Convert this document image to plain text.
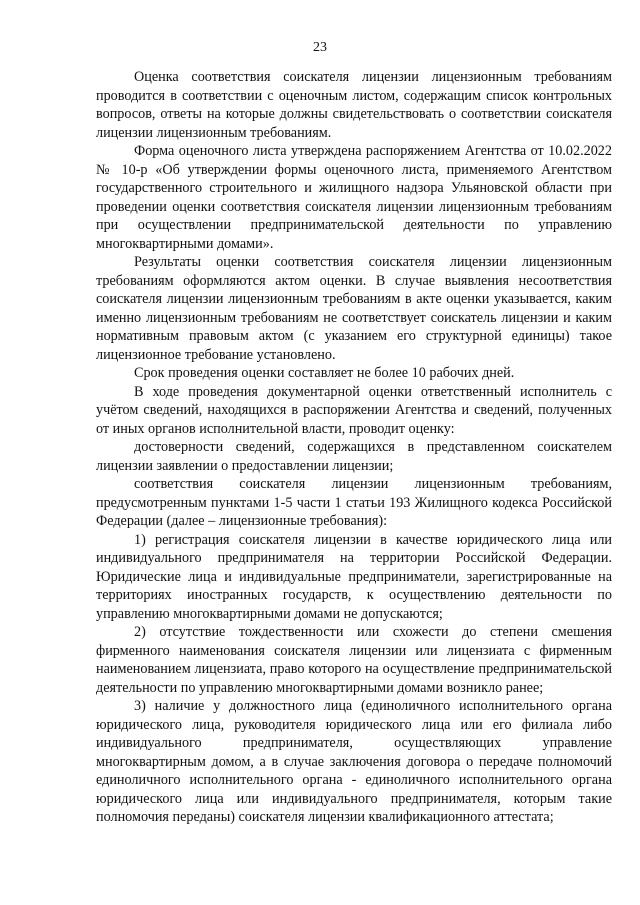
23

Оценка соответствия соискателя лицензии лицензионным требованиям проводится в соответствии с оценочным листом, содержащим список контрольных вопросов, ответы на которые должны свидетельствовать о соответствии соискателя лицензии лицензионным требованиям.

Форма оценочного листа утверждена распоряжением Агентства от 10.02.2022 № 10-р «Об утверждении формы оценочного листа, применяемого Агентством государственного строительного и жилищного надзора Ульяновской области при проведении оценки соответствия соискателя лицензии лицензионным требованиям при осуществлении предпринимательской деятельности по управлению многоквартирными домами».

Результаты оценки соответствия соискателя лицензии лицензионным требованиям оформляются актом оценки. В случае выявления несоответствия соискателя лицензии лицензионным требованиям в акте оценки указывается, каким именно лицензионным требованиям не соответствует соискатель лицензии и каким нормативным правовым актом (с указанием его структурной единицы) такое лицензионное требование установлено.

Срок проведения оценки составляет не более 10 рабочих дней.

В ходе проведения документарной оценки ответственный исполнитель с учётом сведений, находящихся в распоряжении Агентства и сведений, полученных от иных органов исполнительной власти, проводит оценку:

достоверности сведений, содержащихся в представленном соискателем лицензии заявлении о предоставлении лицензии;

соответствия соискателя лицензии лицензионным требованиям, предусмотренным пунктами 1-5 части 1 статьи 193 Жилищного кодекса Российской Федерации (далее – лицензионные требования):

1) регистрация соискателя лицензии в качестве юридического лица или индивидуального предпринимателя на территории Российской Федерации. Юридические лица и индивидуальные предприниматели, зарегистрированные на территориях иностранных государств, к осуществлению деятельности по управлению многоквартирными домами не допускаются;

2) отсутствие тождественности или схожести до степени смешения фирменного наименования соискателя лицензии или лицензиата с фирменным наименованием лицензиата, право которого на осуществление предпринимательской деятельности по управлению многоквартирными домами возникло ранее;

3) наличие у должностного лица (единоличного исполнительного органа юридического лица, руководителя юридического лица или его филиала либо индивидуального предпринимателя, осуществляющих управление многоквартирным домом, а в случае заключения договора о передаче полномочий единоличного исполнительного органа - единоличного исполнительного органа юридического лица или индивидуального предпринимателя, которым такие полномочия переданы) соискателя лицензии квалификационного аттестата;
